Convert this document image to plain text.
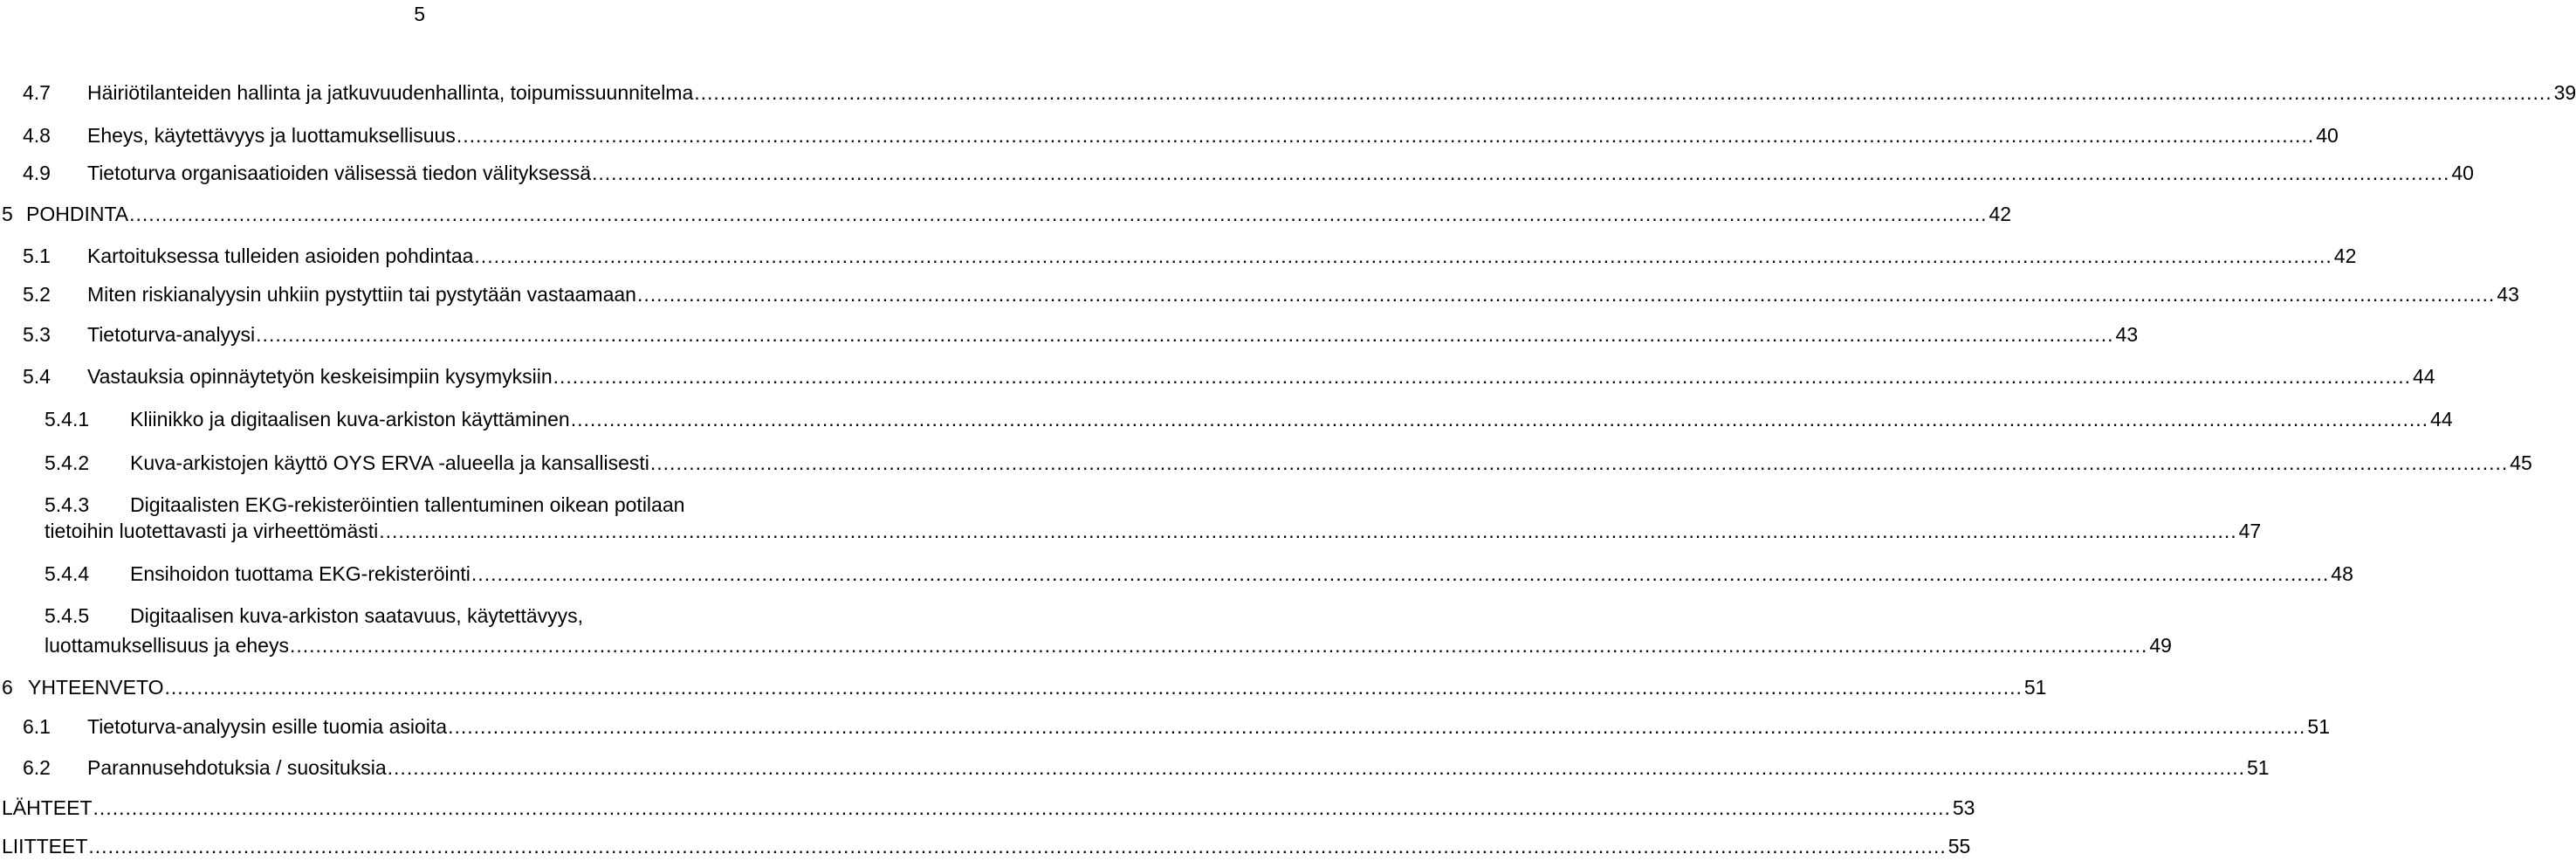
5
4.7	Häiriötilanteiden hallinta ja jatkuvuudenhallinta, toipumissuunnitelma .....	39
4.8	Eheys, käytettävyys ja luottamuksellisuus .....	40
4.9	Tietoturva organisaatioiden välisessä tiedon välityksessä .....	40
5 POHDINTA .....	42
5.1	Kartoituksessa tulleiden asioiden pohdintaa .....	42
5.2	Miten riskianalyysin uhkiin pystyttiin tai pystytään vastaamaan .....	43
5.3	Tietoturva-analyysi .....	43
5.4	Vastauksia opinnäytetyön keskeisimpiin kysymyksiin .....	44
5.4.1	Kliinikko ja digitaalisen kuva-arkiston käyttäminen .....	44
5.4.2	Kuva-arkistojen käyttö OYS ERVA -alueella ja kansallisesti .....	45
5.4.3 Digitaalisten EKG-rekisteröintien tallentuminen oikean potilaan
tietoihin luotettavasti ja virheettömästi .....	47
5.4.4	Ensihoidon tuottama EKG-rekisteröinti .....	48
5.4.5 Digitaalisen kuva-arkiston saatavuus, käytettävyys,
luottamuksellisuus ja eheys .....	49
6 YHTEENVETO .....	51
6.1	Tietoturva-analyysin esille tuomia asioita .....	51
6.2	Parannusehdotuksia / suosituksia .....	51
LÄHTEET .....	53
LIITTEET .....	55
